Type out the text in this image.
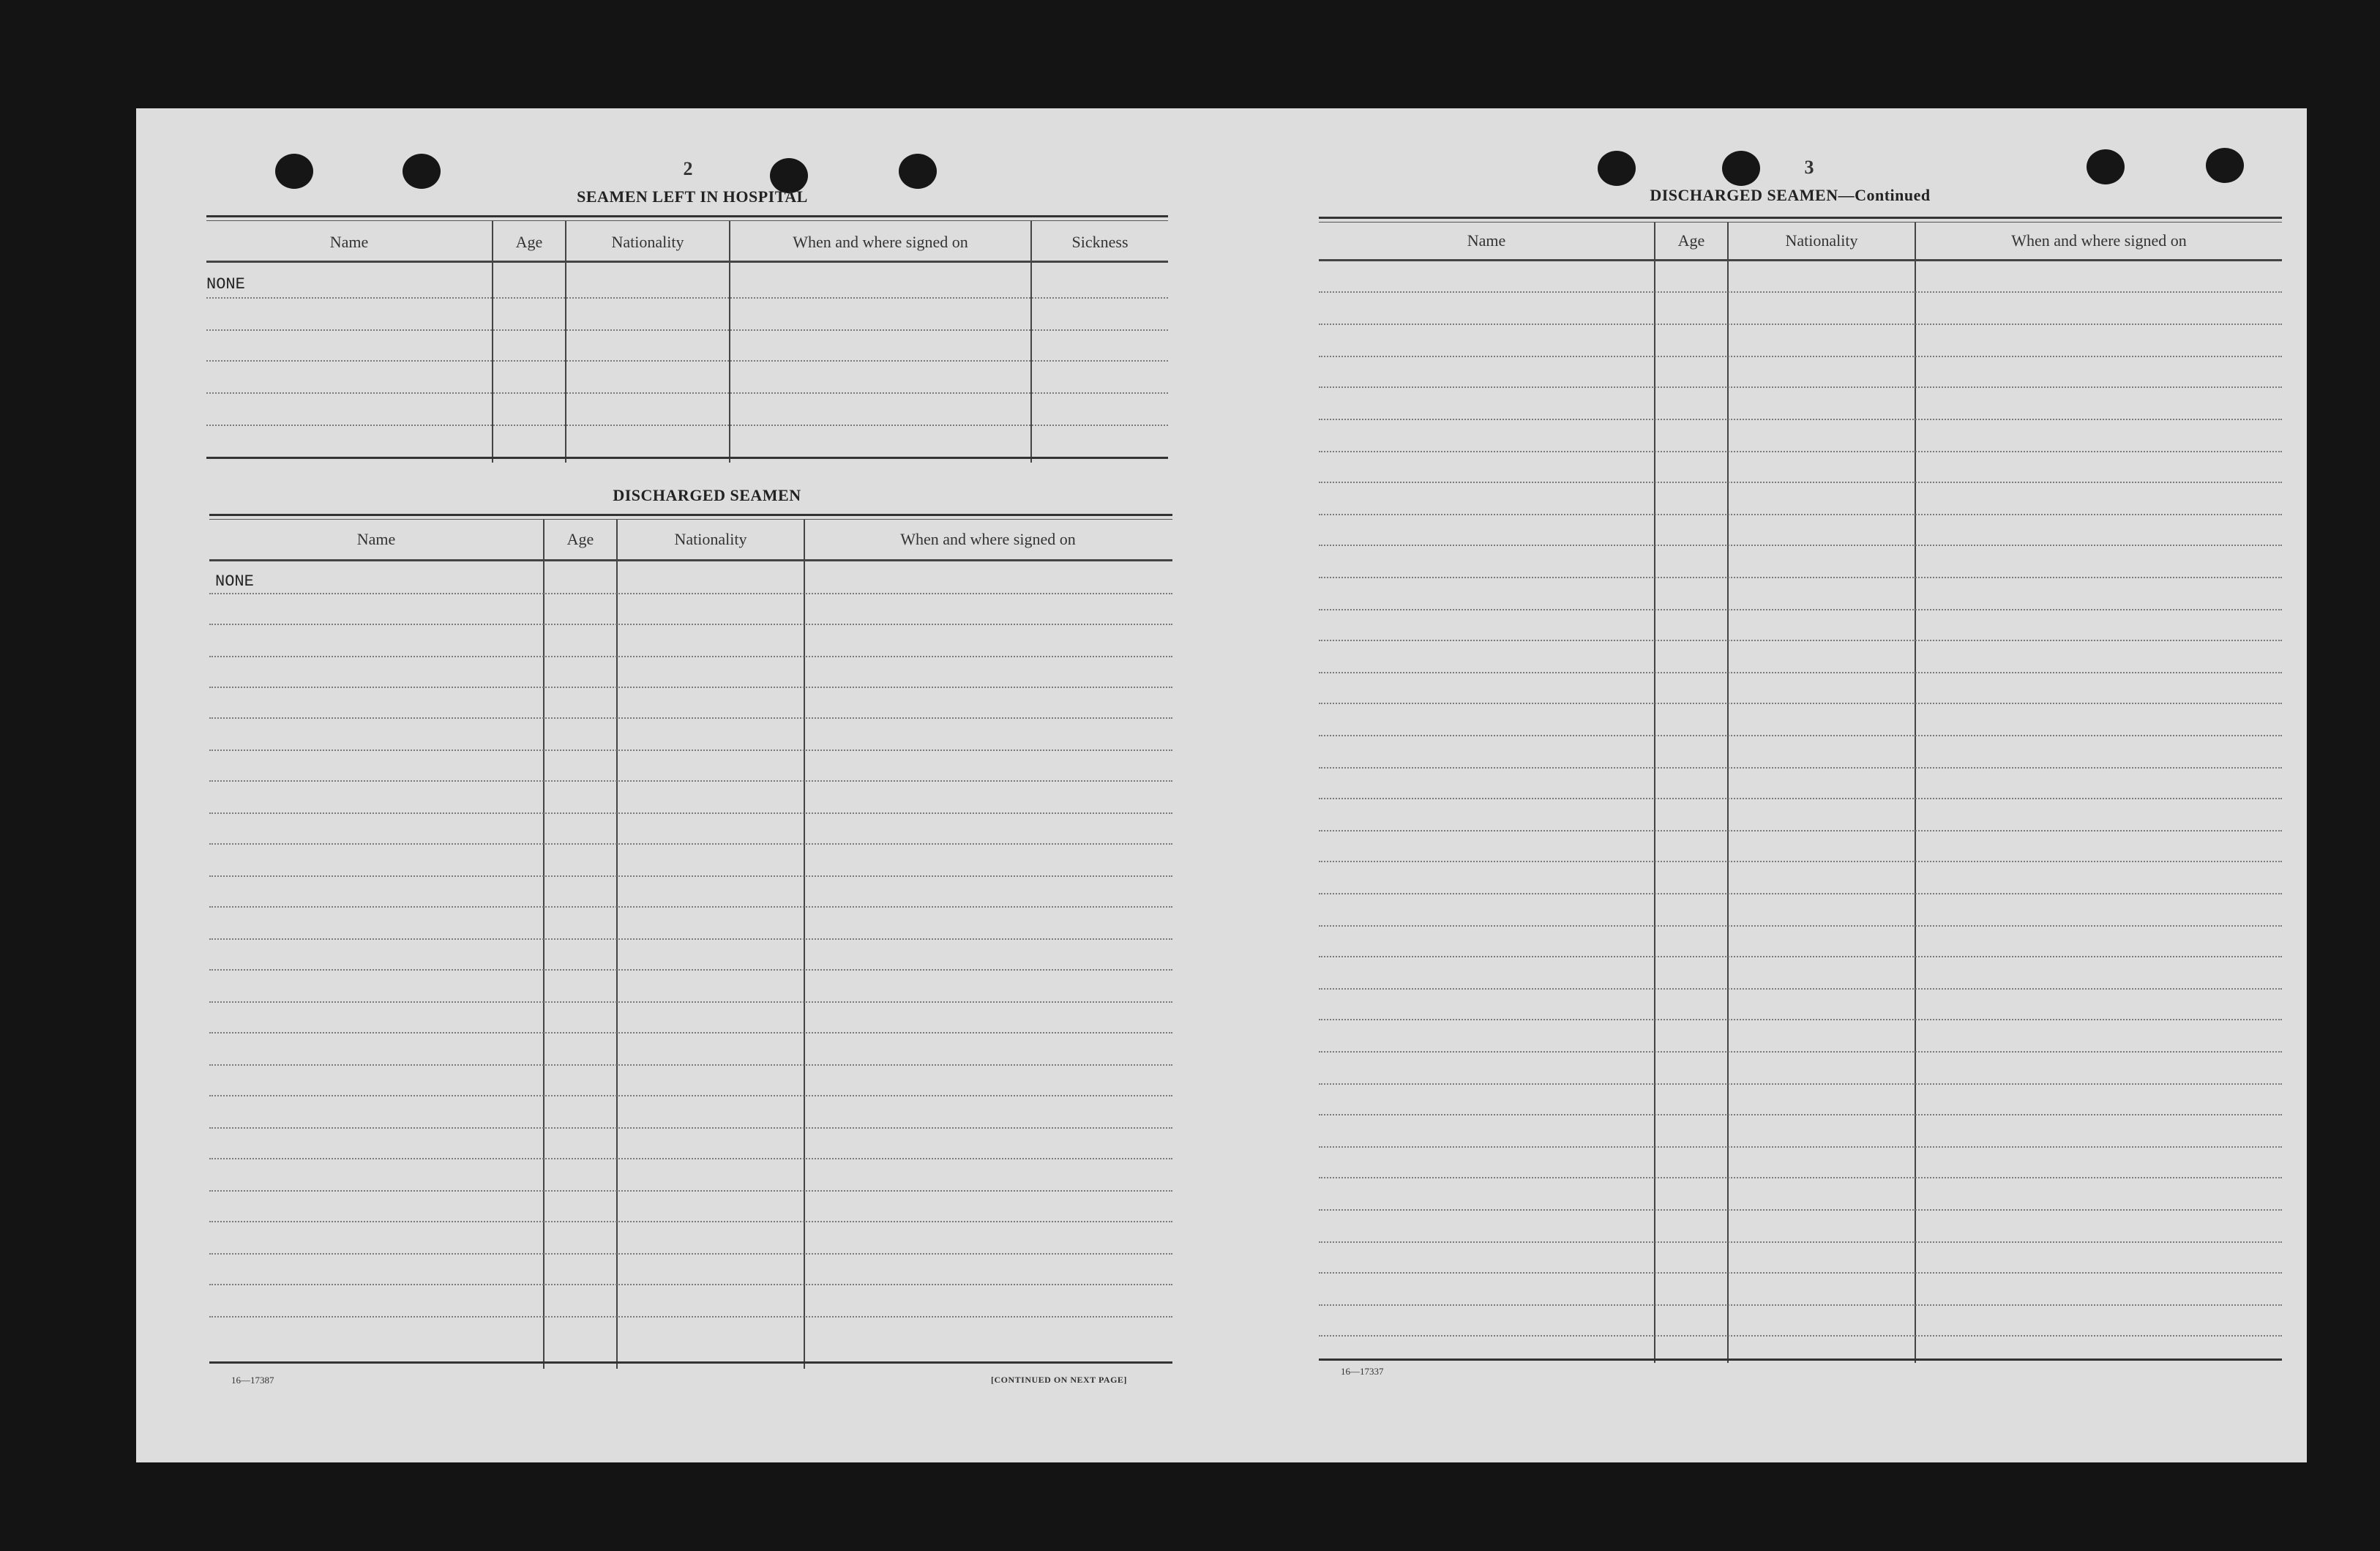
2
SEAMEN LEFT IN HOSPITAL
Name	Age	Nationality	When and where signed on	Sickness
NONE
DISCHARGED SEAMEN
Name	Age	Nationality	When and where signed on
NONE
16—17387	[CONTINUED ON NEXT PAGE]
3
DISCHARGED SEAMEN—Continued
Name	Age	Nationality	When and where signed on
16—17337
